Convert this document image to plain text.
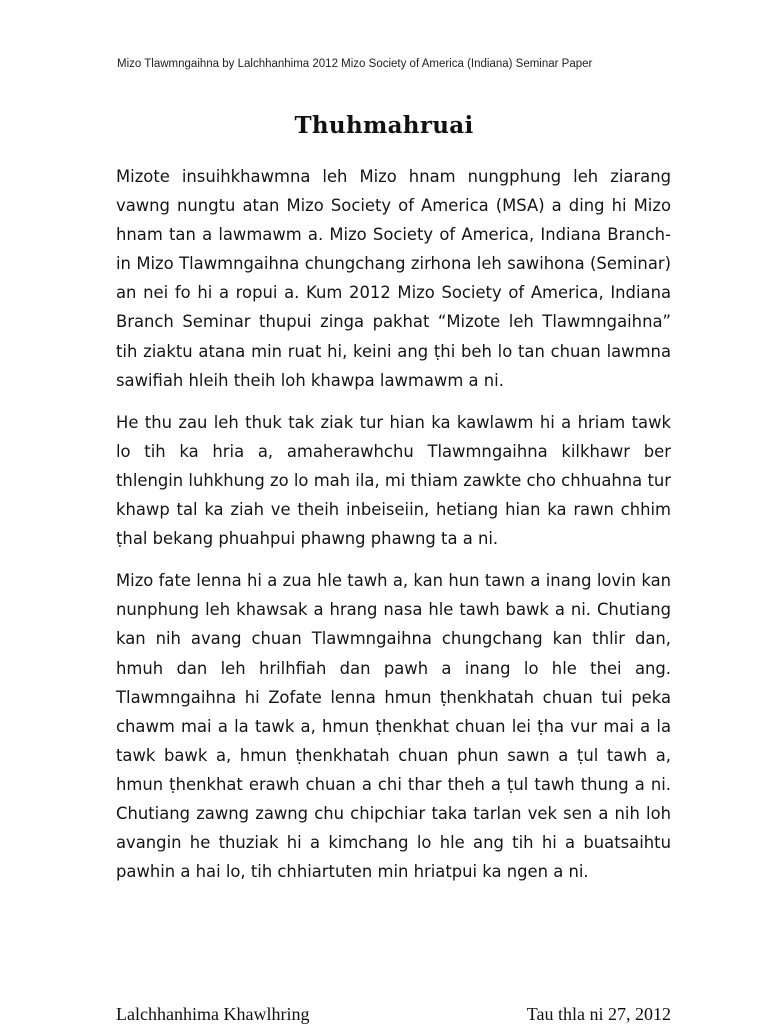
Mizo Tlawmngaihna by Lalchhanhima 2012 Mizo Society of America (Indiana) Seminar Paper
Thuhmahruai

Mizote insuihkhawmna leh Mizo hnam nungphung leh ziarang vawng nungtu atan Mizo Society of America (MSA) a ding hi Mizo hnam tan a lawmawm a. Mizo Society of America, Indiana Branch-in Mizo Tlawmngaihna chungchang zirhona leh sawihona (Seminar) an nei fo hi a ropui a. Kum 2012 Mizo Society of America, Indiana Branch Seminar thupui zinga pakhat “Mizote leh Tlawmngaihna” tih ziaktu atana min ruat hi, keini ang ṭhi beh lo tan chuan lawmna sawifiah hleih theih loh khawpa lawmawm a ni.

He thu zau leh thuk tak ziak tur hian ka kawlawm hi a hriam tawk lo tih ka hria a, amaherawhchu Tlawmngaihna kilkhawr ber thlengin luhkhung zo lo mah ila, mi thiam zawkte cho chhuahna tur khawp tal ka ziah ve theih inbeiseiin, hetiang hian ka rawn chhim ṭhal bekang phuahpui phawng phawng ta a ni.

Mizo fate lenna hi a zua hle tawh a, kan hun tawn a inang lovin kan nunphung leh khawsak a hrang nasa hle tawh bawk a ni. Chutiang kan nih avang chuan Tlawmngaihna chungchang kan thlir dan, hmuh dan leh hrilhfiah dan pawh a inang lo hle thei ang. Tlawmngaihna hi Zofate lenna hmun ṭhenkhatah chuan tui peka chawm mai a la tawk a, hmun ṭhenkhat chuan lei ṭha vur mai a la tawk bawk a, hmun ṭhenkhatah chuan phun sawn a ṭul tawh a, hmun ṭhenkhat erawh chuan a chi thar theh a ṭul tawh thung a ni. Chutiang zawng zawng chu chipchiar taka tarlan vek sen a nih loh avangin he thuziak hi a kimchang lo hle ang tih hi a buatsaihtu pawhin a hai lo, tih chhiartuten min hriatpui ka ngen a ni.

Lalchhanhima Khawlhring	Tau thla ni 27, 2012
